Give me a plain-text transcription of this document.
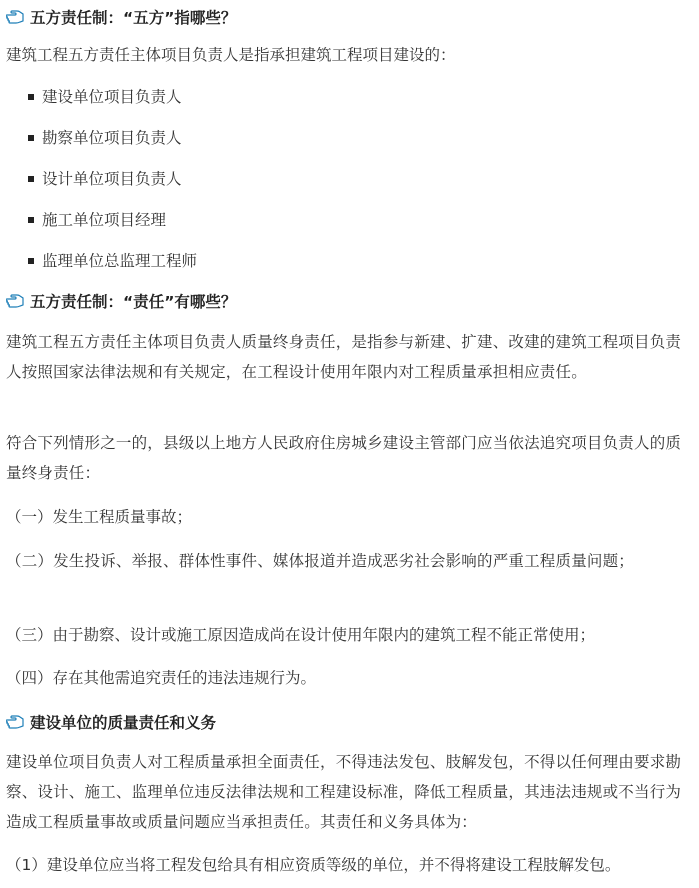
五方责任制：“五方”指哪些？
建筑工程五方责任主体项目负责人是指承担建筑工程项目建设的：
建设单位项目负责人
勘察单位项目负责人
设计单位项目负责人
施工单位项目经理
监理单位总监理工程师
五方责任制：“责任”有哪些？
建筑工程五方责任主体项目负责人质量终身责任，是指参与新建、扩建、改建的建筑工程项目负责人按照国家法律法规和有关规定，在工程设计使用年限内对工程质量承担相应责任。
符合下列情形之一的，县级以上地方人民政府住房城乡建设主管部门应当依法追究项目负责人的质量终身责任：
（一）发生工程质量事故；
（二）发生投诉、举报、群体性事件、媒体报道并造成恶劣社会影响的严重工程质量问题；
（三）由于勘察、设计或施工原因造成尚在设计使用年限内的建筑工程不能正常使用；
（四）存在其他需追究责任的违法违规行为。
建设单位的质量责任和义务
建设单位项目负责人对工程质量承担全面责任，不得违法发包、肢解发包，不得以任何理由要求勘察、设计、施工、监理单位违反法律法规和工程建设标准，降低工程质量，其违法违规或不当行为造成工程质量事故或质量问题应当承担责任。其责任和义务具体为：
（1）建设单位应当将工程发包给具有相应资质等级的单位，并不得将建设工程肢解发包。
